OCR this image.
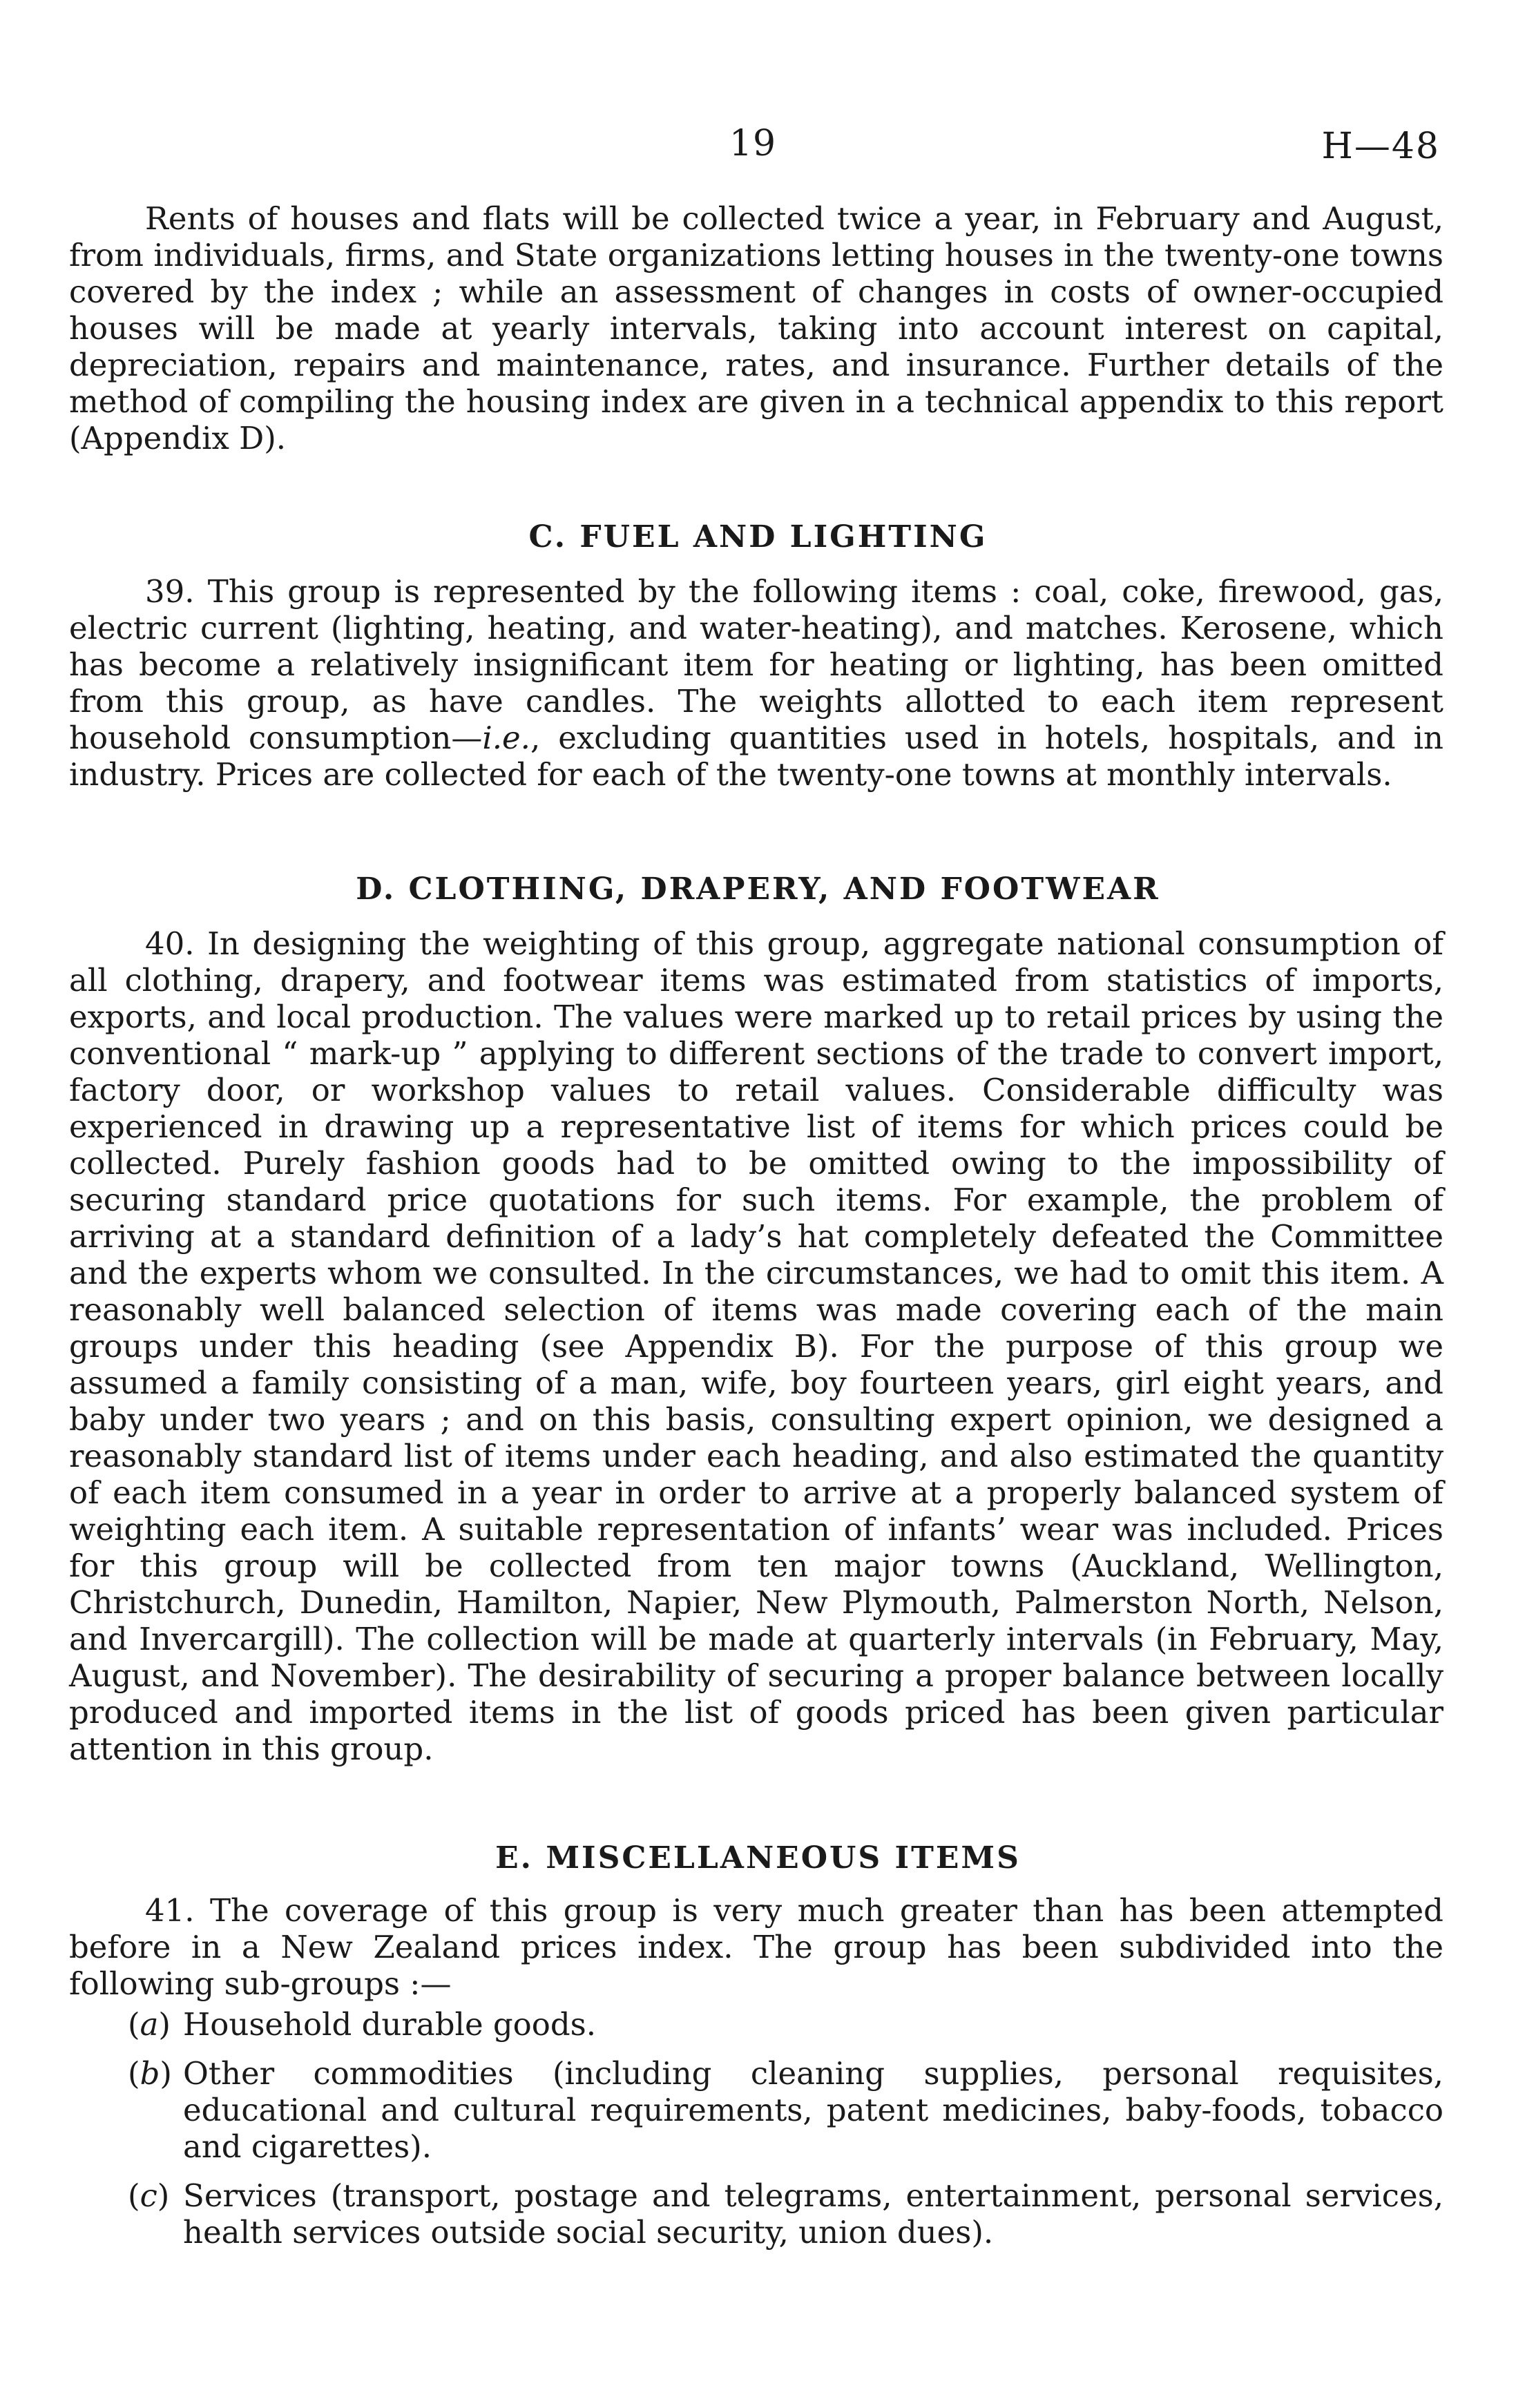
19	H—48

Rents of houses and flats will be collected twice a year, in February and August, from individuals, firms, and State organizations letting houses in the twenty-one towns covered by the index ; while an assessment of changes in costs of owner-occupied houses will be made at yearly intervals, taking into account interest on capital, depreciation, repairs and maintenance, rates, and insurance. Further details of the method of compiling the housing index are given in a technical appendix to this report (Appendix D).

C. FUEL AND LIGHTING

39. This group is represented by the following items : coal, coke, firewood, gas, electric current (lighting, heating, and water-heating), and matches. Kerosene, which has become a relatively insignificant item for heating or lighting, has been omitted from this group, as have candles. The weights allotted to each item represent household consumption—i.e., excluding quantities used in hotels, hospitals, and in industry. Prices are collected for each of the twenty-one towns at monthly intervals.

D. CLOTHING, DRAPERY, AND FOOTWEAR

40. In designing the weighting of this group, aggregate national consumption of all clothing, drapery, and footwear items was estimated from statistics of imports, exports, and local production. The values were marked up to retail prices by using the conventional “ mark-up ” applying to different sections of the trade to convert import, factory door, or workshop values to retail values. Considerable difficulty was experienced in drawing up a representative list of items for which prices could be collected. Purely fashion goods had to be omitted owing to the impossibility of securing standard price quotations for such items. For example, the problem of arriving at a standard definition of a lady’s hat completely defeated the Committee and the experts whom we consulted. In the circumstances, we had to omit this item. A reasonably well balanced selection of items was made covering each of the main groups under this heading (see Appendix B). For the purpose of this group we assumed a family consisting of a man, wife, boy fourteen years, girl eight years, and baby under two years ; and on this basis, consulting expert opinion, we designed a reasonably standard list of items under each heading, and also estimated the quantity of each item consumed in a year in order to arrive at a properly balanced system of weighting each item. A suitable representation of infants’ wear was included. Prices for this group will be collected from ten major towns (Auckland, Wellington, Christchurch, Dunedin, Hamilton, Napier, New Plymouth, Palmerston North, Nelson, and Invercargill). The collection will be made at quarterly intervals (in February, May, August, and November). The desirability of securing a proper balance between locally produced and imported items in the list of goods priced has been given particular attention in this group.

E. MISCELLANEOUS ITEMS

41. The coverage of this group is very much greater than has been attempted before in a New Zealand prices index. The group has been subdivided into the following sub-groups :—

(a) Household durable goods.
(b) Other commodities (including cleaning supplies, personal requisites, educational and cultural requirements, patent medicines, baby-foods, tobacco and cigarettes).
(c) Services (transport, postage and telegrams, entertainment, personal services, health services outside social security, union dues).
